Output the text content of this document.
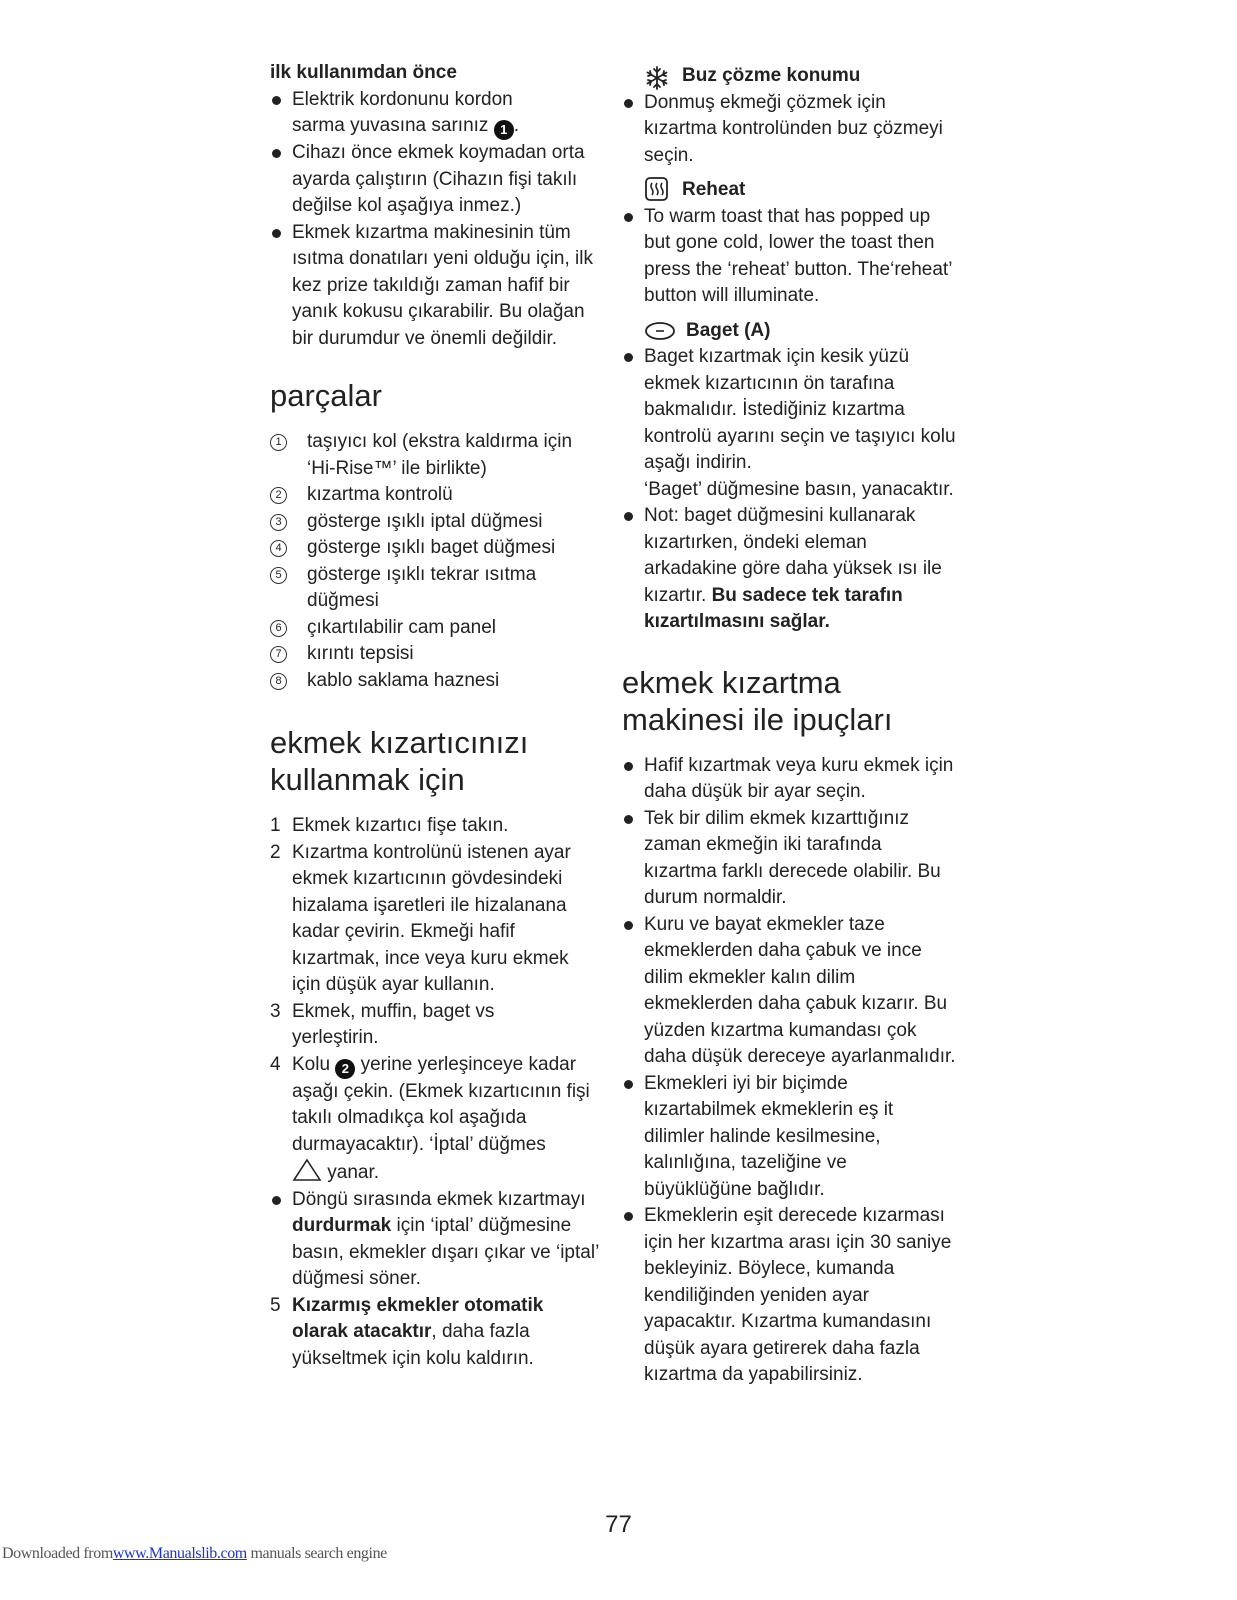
ilk kullanımdan önce

Elektrik kordonunu kordon sarma yuvasına sarınız 1 .

Cihazı önce ekmek koymadan orta ayarda çalıştırın (Cihazın fişi takılı değilse kol aşağıya inmez.)

Ekmek kızartma makinesinin tüm ısıtma donatıları yeni olduğu için, ilk kez prize takıldığı zaman hafif bir yanık kokusu çıkarabilir. Bu olağan bir durumdur ve önemli değildir.

parçalar

1 taşıyıcı kol (ekstra kaldırma için ‘Hi-Rise™’ ile birlikte)

2 kızartma kontrolü

3 gösterge ışıklı iptal düğmesi

4 gösterge ışıklı baget düğmesi

5 gösterge ışıklı tekrar ısıtma düğmesi

6 çıkartılabilir cam panel

7 kırıntı tepsisi

8 kablo saklama haznesi

ekmek kızartıcınızı kullanmak için

1 Ekmek kızartıcı fişe takın.

2 Kızartma kontrolünü istenen ayar ekmek kızartıcının gövdesindeki hizalama işaretleri ile hizalanana kadar çevirin. Ekmeği hafif kızartmak, ince veya kuru ekmek için düşük ayar kullanın.

3 Ekmek, muffin, baget vs yerleştirin.

4 Kolu 2 yerine yerleşinceye kadar aşağı çekin. (Ekmek kızartıcının fişi takılı olmadıkça kol aşağıda durmayacaktır). ‘İptal’ düğmes
yanar.

Döngü sırasında ekmek kızartmayı  durdurmak için ‘iptal’ düğmesine basın, ekmekler dışarı çıkar ve ‘iptal’ düğmesi söner.

5 Kızarmış ekmekler otomatik olarak atacaktır, daha fazla yükseltmek için kolu kaldırın.

Buz çözme konumu

Donmuş ekmeği çözmek için kızartma kontrolünden buz çözmeyi seçin.

Reheat

To warm toast that has popped up but gone cold, lower the toast then press the ‘reheat’ button. The‘reheat’ button will illuminate.

Baget (A)

Baget kızartmak için kesik yüzü ekmek kızartıcının ön tarafına bakmalıdır. İstediğiniz kızartma kontrolü ayarını seçin ve taşıyıcı kolu aşağı indirin.
‘Baget’ düğmesine basın, yanacaktır.

Not: baget düğmesini kullanarak kızartırken, öndeki eleman arkadakine göre daha yüksek ısı ile kızartır. Bu sadece tek tarafın kızartılmasını sağlar.

ekmek kızartma makinesi ile ipuçları

Hafif kızartmak veya kuru ekmek için daha düşük bir ayar seçin.

Tek bir dilim ekmek kızarttığınız zaman ekmeğin iki tarafında kızartma farklı derecede olabilir. Bu durum normaldir.

Kuru ve bayat ekmekler taze ekmeklerden daha çabuk ve ince dilim ekmekler kalın dilim ekmeklerden daha çabuk kızarır. Bu yüzden kızartma kumandası çok daha düşük dereceye ayarlanmalıdır.

Ekmekleri iyi bir biçimde kızartabilmek ekmeklerin eş it dilimler halinde kesilmesine, kalınlığına, tazeliğine ve büyüklüğüne bağlıdır.

Ekmeklerin eşit derecede kızarması için her kızartma arası için 30 saniye bekleyiniz. Böylece, kumanda kendiliğinden yeniden ayar yapacaktır. Kızartma kumandasını düşük ayara getirerek daha fazla kızartma da yapabilirsiniz.

77
Downloaded fromwww.Manualslib.com manuals search engine
